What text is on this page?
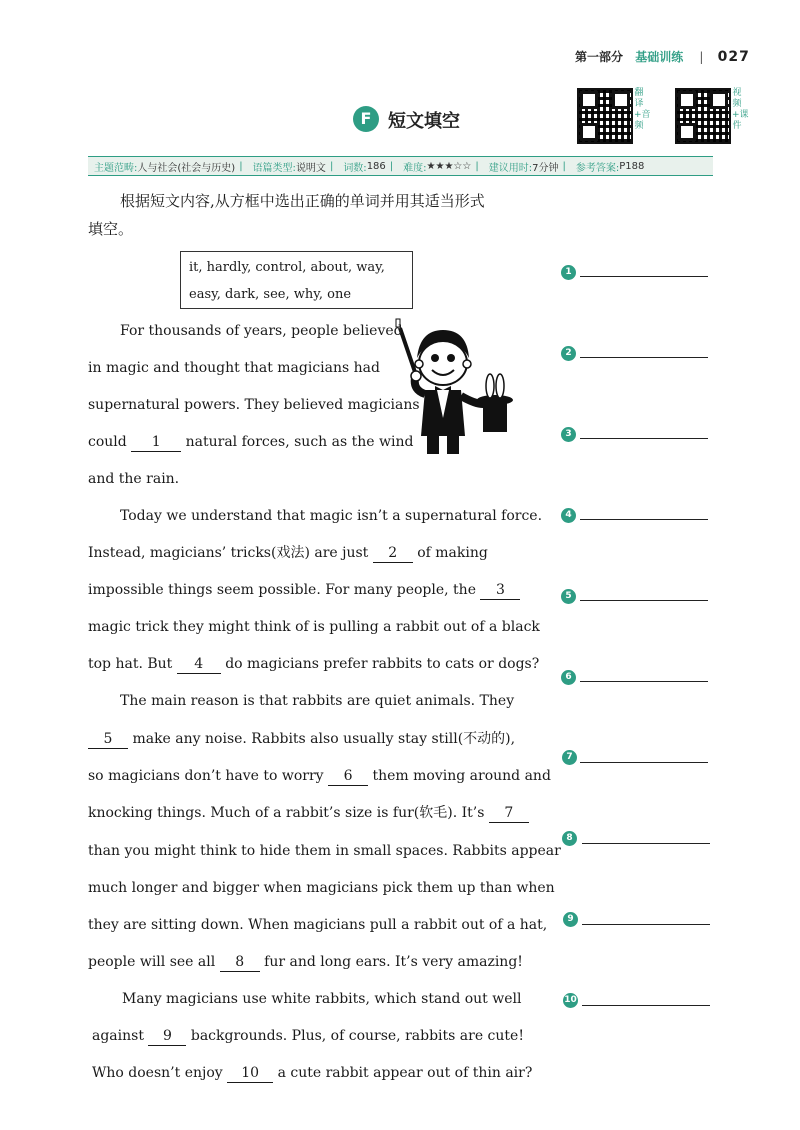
第一部分 基础训练 | 027
F 短文填空
翻译+音频
视频+课件
主题范畴: 人与社会(社会与历史) | 语篇类型: 说明文 | 词数: 186 | 难度: ★★★☆☆ | 建议用时: 7分钟 | 参考答案: P188
根据短文内容,从方框中选出正确的单词并用其适当形式
填空。
it, hardly, control, about, way,
easy, dark, see, why, one
For thousands of years, people believed
in magic and thought that magicians had
supernatural powers. They believed magicians
could 1 natural forces, such as the wind
and the rain.
Today we understand that magic isn’t a supernatural force.
Instead, magicians’ tricks(戏法) are just 2 of making
impossible things seem possible. For many people, the 3
magic trick they might think of is pulling a rabbit out of a black
top hat. But 4 do magicians prefer rabbits to cats or dogs?
The main reason is that rabbits are quiet animals. They
5 make any noise. Rabbits also usually stay still(不动的),
so magicians don’t have to worry 6 them moving around and
knocking things. Much of a rabbit’s size is fur(软毛). It’s 7
than you might think to hide them in small spaces. Rabbits appear
much longer and bigger when magicians pick them up than when
they are sitting down. When magicians pull a rabbit out of a hat,
people will see all 8 fur and long ears. It’s very amazing!
Many magicians use white rabbits, which stand out well
against 9 backgrounds. Plus, of course, rabbits are cute!
Who doesn’t enjoy 10 a cute rabbit appear out of thin air?
1
2
3
4
5
6
7
8
9
10
